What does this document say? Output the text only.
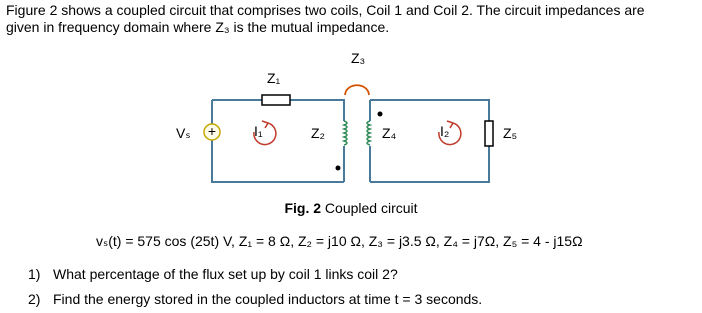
Figure 2 shows a coupled circuit that comprises two coils, Coil 1 and Coil 2. The circuit impedances are
given in frequency domain where Z₃ is the mutual impedance.

+
Vₛ
Z₁
I₁	I₂
Z₂	Z₄
Z₃
Z₅
Fig. 2 Coupled circuit
vₛ(t) = 575 cos (25t) V, Z₁ = 8 Ω, Z₂ = j10 Ω, Z₃ = j3.5 Ω, Z₄ = j7Ω, Z₅ = 4 - j15Ω
1) What percentage of the flux set up by coil 1 links coil 2?
2) Find the energy stored in the coupled inductors at time t = 3 seconds.
